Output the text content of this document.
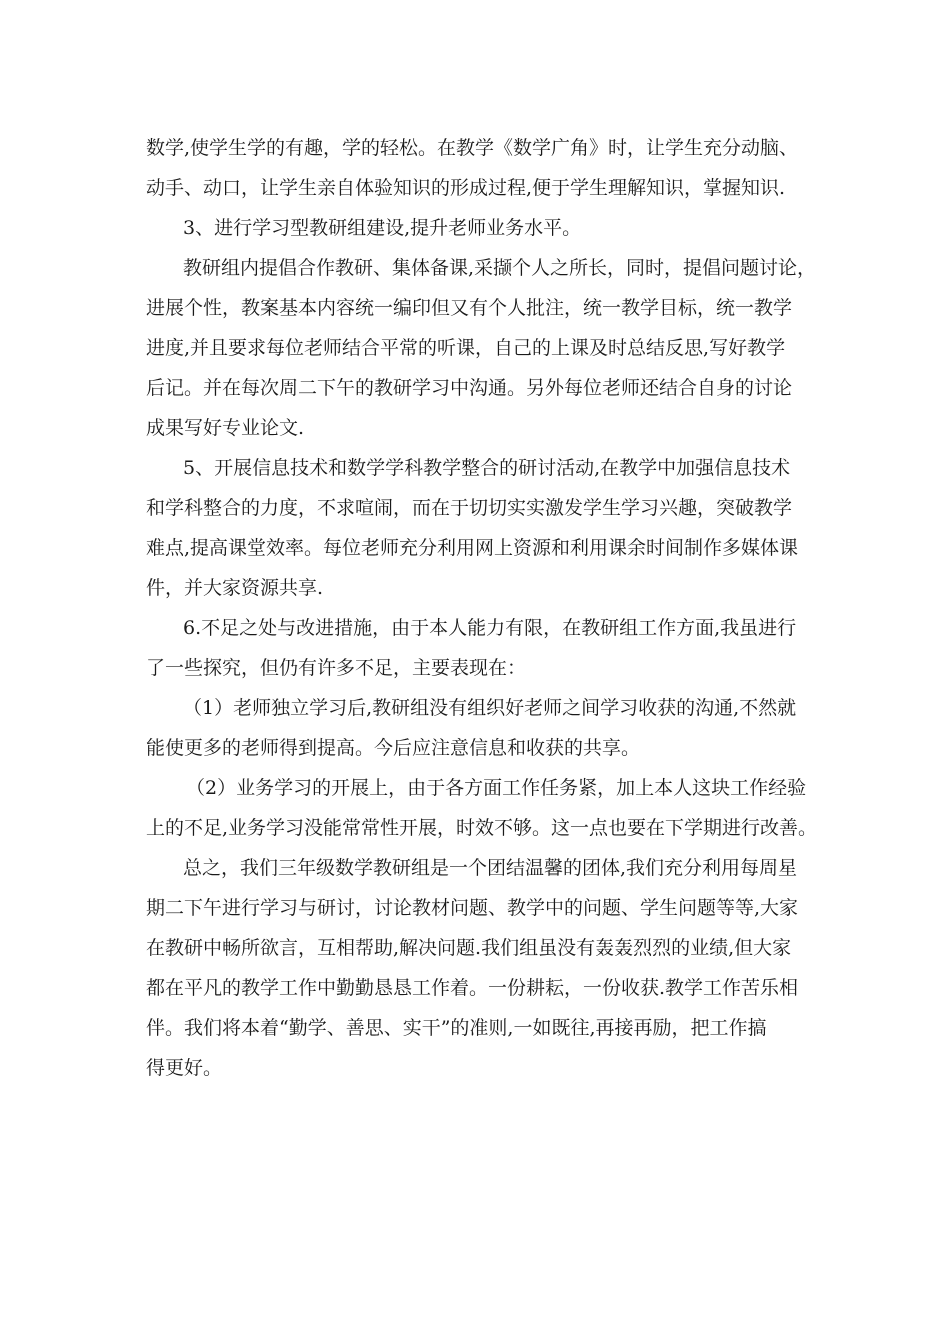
数学,使学生学的有趣，学的轻松。在教学《数学广角》时，让学生充分动脑、
动手、动口，让学生亲自体验知识的形成过程,便于学生理解知识，掌握知识.
3、进行学习型教研组建设,提升老师业务水平。
教研组内提倡合作教研、集体备课,采撷个人之所长，同时，提倡问题讨论，
进展个性，教案基本内容统一编印但又有个人批注，统一教学目标，统一教学
进度,并且要求每位老师结合平常的听课，自己的上课及时总结反思,写好教学
后记。并在每次周二下午的教研学习中沟通。另外每位老师还结合自身的讨论
成果写好专业论文.
5、开展信息技术和数学学科教学整合的研讨活动,在教学中加强信息技术
和学科整合的力度，不求喧闹，而在于切切实实激发学生学习兴趣，突破教学
难点,提高课堂效率。每位老师充分利用网上资源和利用课余时间制作多媒体课
件，并大家资源共享.
6.不足之处与改进措施，由于本人能力有限，在教研组工作方面,我虽进行
了一些探究，但仍有许多不足，主要表现在：
（1）老师独立学习后,教研组没有组织好老师之间学习收获的沟通,不然就
能使更多的老师得到提高。今后应注意信息和收获的共享。
（2）业务学习的开展上，由于各方面工作任务紧，加上本人这块工作经验
上的不足,业务学习没能常常性开展，时效不够。这一点也要在下学期进行改善。
总之，我们三年级数学教研组是一个团结温馨的团体,我们充分利用每周星
期二下午进行学习与研讨，讨论教材问题、教学中的问题、学生问题等等,大家
在教研中畅所欲言，互相帮助,解决问题.我们组虽没有轰轰烈烈的业绩,但大家
都在平凡的教学工作中勤勤恳恳工作着。一份耕耘，一份收获.教学工作苦乐相
伴。我们将本着“勤学、善思、实干”的准则,一如既往,再接再励，把工作搞
得更好。
